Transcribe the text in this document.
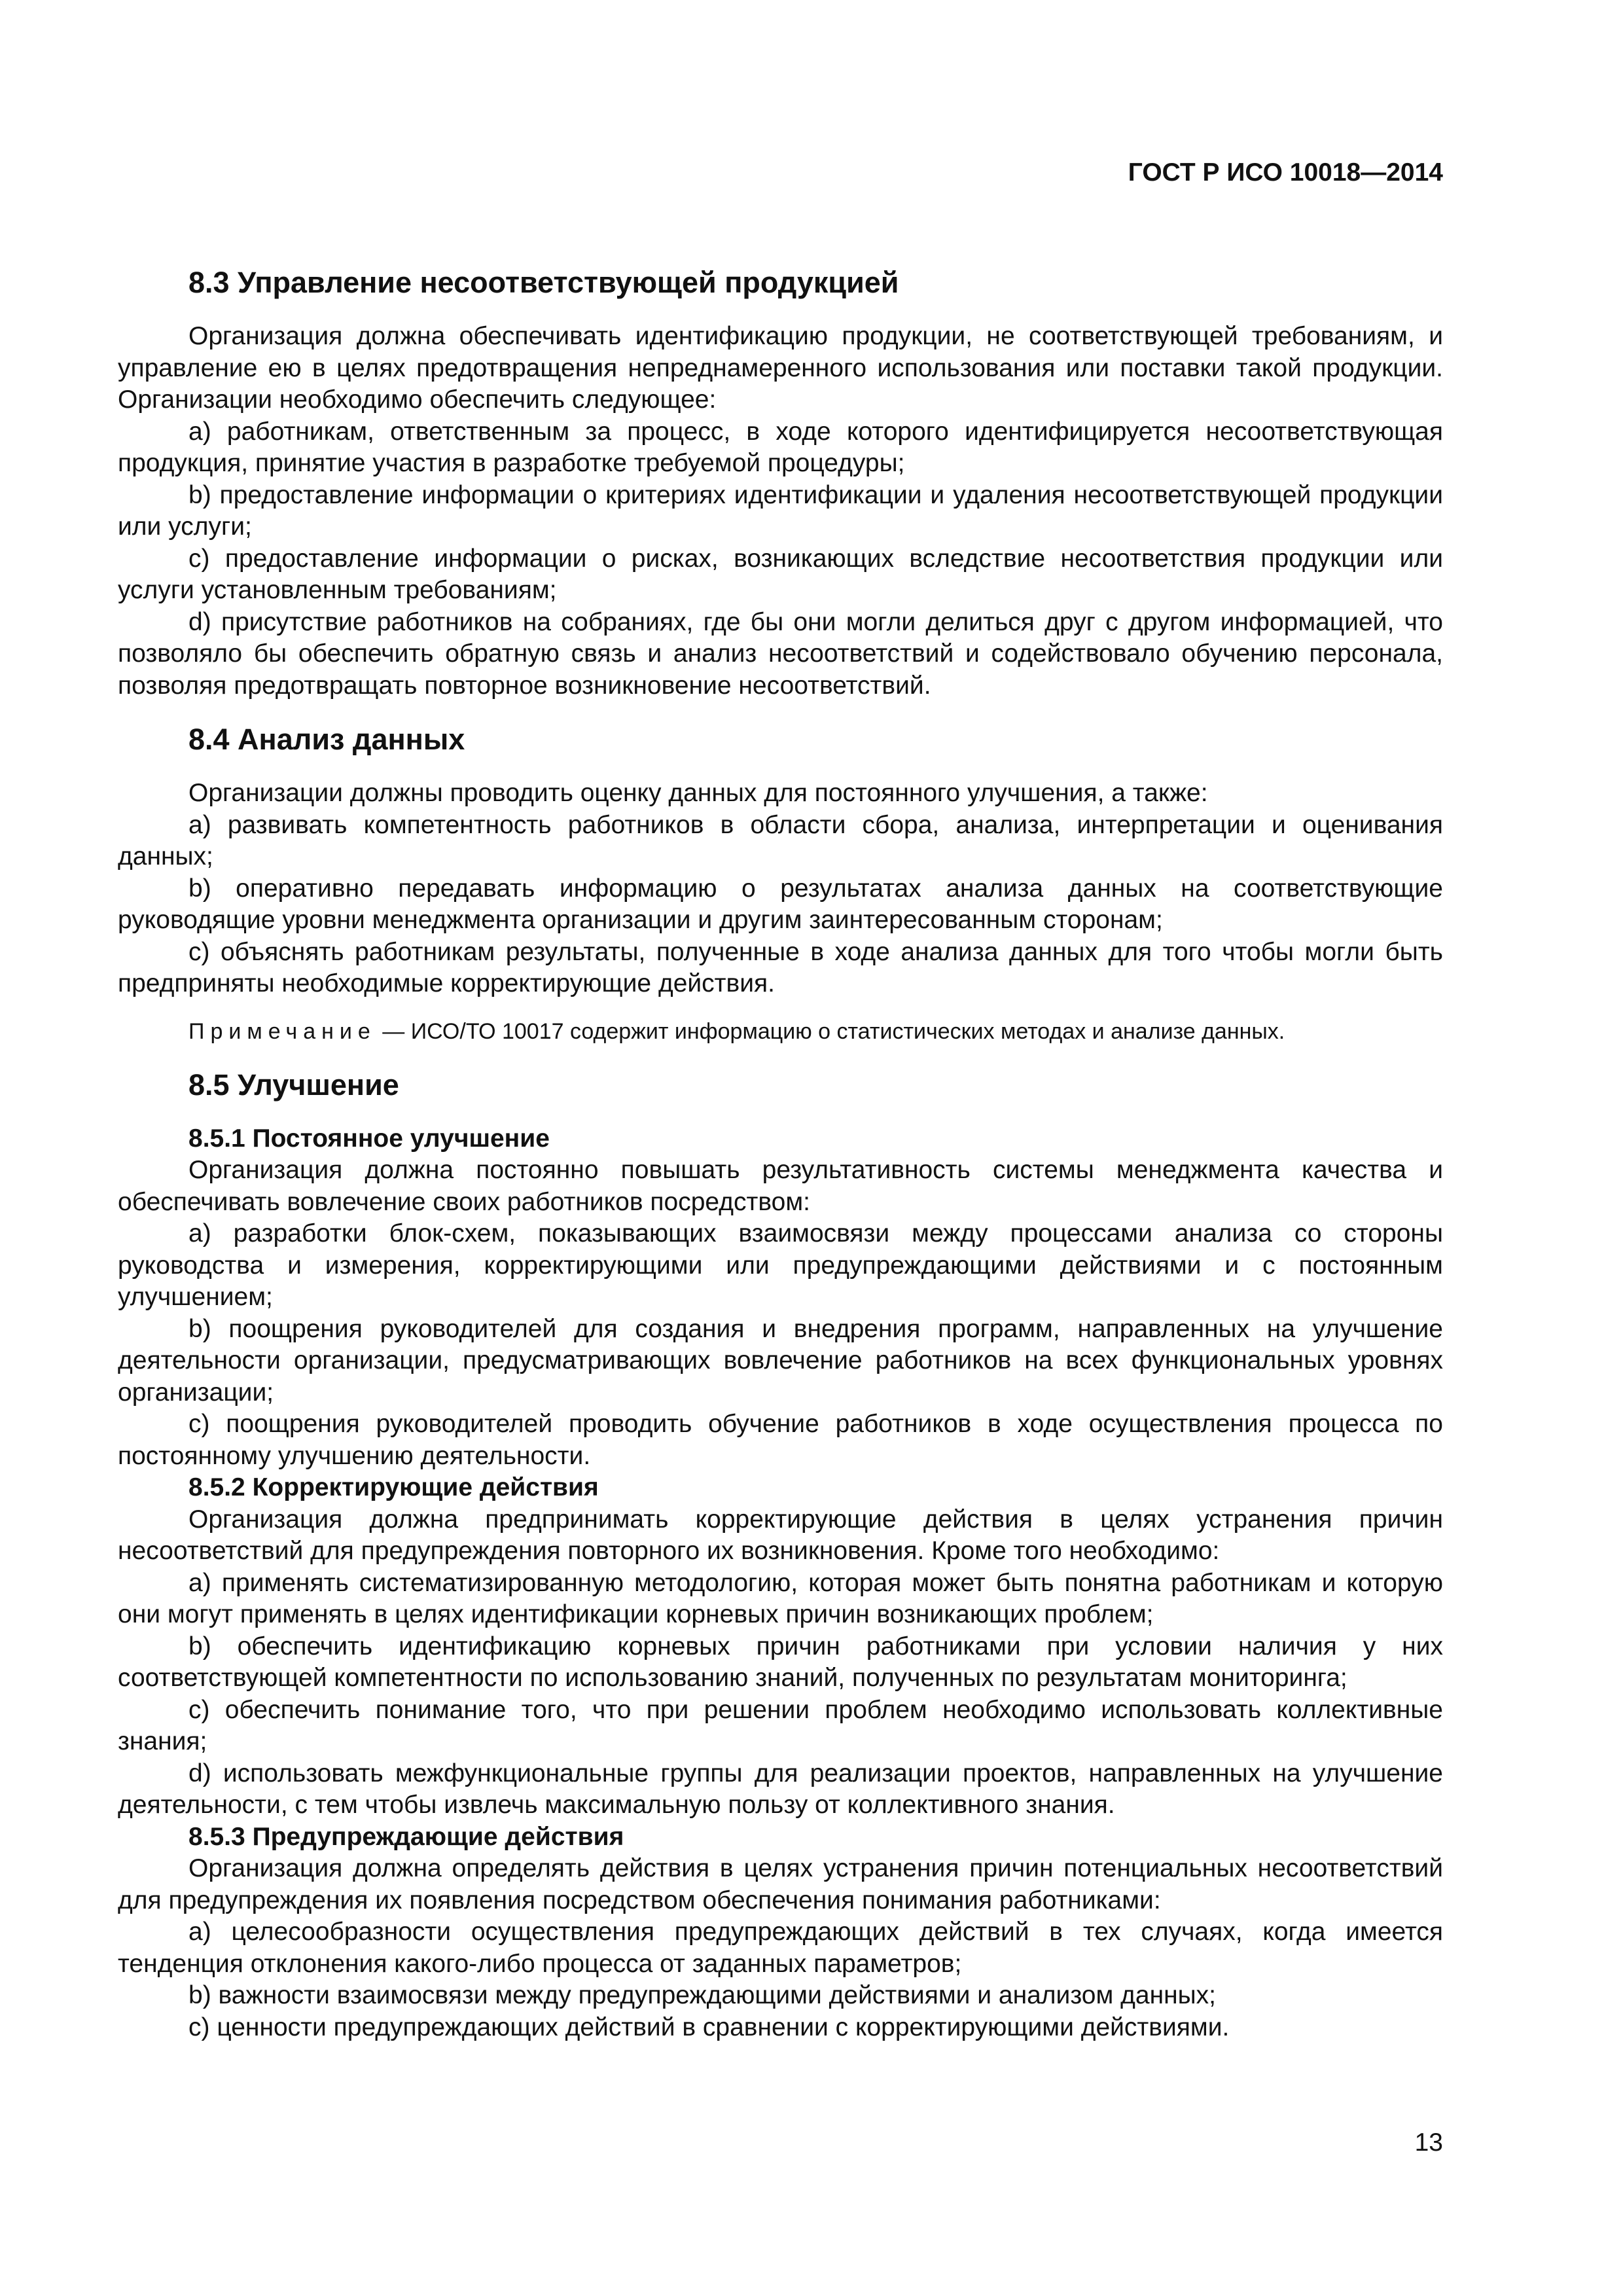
ГОСТ Р ИСО 10018—2014
8.3 Управление несоответствующей продукцией

Организация должна обеспечивать идентификацию продукции, не соответствующей требованиям, и управление ею в целях предотвращения непреднамеренного использования или поставки такой продукции. Организации необходимо обеспечить следующее:

а) работникам, ответственным за процесс, в ходе которого идентифицируется несоответствующая продукция, принятие участия в разработке требуемой процедуры;

b) предоставление информации о критериях идентификации и удаления несоответствующей продукции или услуги;

c) предоставление информации о рисках, возникающих вследствие несоответствия продукции или услуги установленным требованиям;

d) присутствие работников на собраниях, где бы они могли делиться друг с другом информацией, что позволяло бы обеспечить обратную связь и анализ несоответствий и содействовало обучению персонала, позволяя предотвращать повторное возникновение несоответствий.

8.4 Анализ данных

Организации должны проводить оценку данных для постоянного улучшения, а также:

а) развивать компетентность работников в области сбора, анализа, интерпретации и оценивания данных;

b) оперативно передавать информацию о результатах анализа данных на соответствующие руководящие уровни менеджмента организации и другим заинтересованным сторонам;

c) объяснять работникам результаты, полученные в ходе анализа данных для того чтобы могли быть предприняты необходимые корректирующие действия.

Примечание — ИСО/ТО 10017 содержит информацию о статистических методах и анализе данных.
8.5 Улучшение
8.5.1 Постоянное улучшение

Организация должна постоянно повышать результативность системы менеджмента качества и обеспечивать вовлечение своих работников посредством:

а) разработки блок-схем, показывающих взаимосвязи между процессами анализа со стороны руководства и измерения, корректирующими или предупреждающими действиями и с постоянным улучшением;

b) поощрения руководителей для создания и внедрения программ, направленных на улучшение деятельности организации, предусматривающих вовлечение работников на всех функциональных уровнях организации;

c) поощрения руководителей проводить обучение работников в ходе осуществления процесса по постоянному улучшению деятельности.

8.5.2 Корректирующие действия

Организация должна предпринимать корректирующие действия в целях устранения причин несоответствий для предупреждения повторного их возникновения. Кроме того необходимо:

а) применять систематизированную методологию, которая может быть понятна работникам и которую они могут применять в целях идентификации корневых причин возникающих проблем;

b) обеспечить идентификацию корневых причин работниками при условии наличия у них соответствующей компетентности по использованию знаний, полученных по результатам мониторинга;

c) обеспечить понимание того, что при решении проблем необходимо использовать коллективные знания;

d) использовать межфункциональные группы для реализации проектов, направленных на улучшение деятельности, с тем чтобы извлечь максимальную пользу от коллективного знания.

8.5.3 Предупреждающие действия

Организация должна определять действия в целях устранения причин потенциальных несоответствий для предупреждения их появления посредством обеспечения понимания работниками:

а) целесообразности осуществления предупреждающих действий в тех случаях, когда имеется тенденция отклонения какого-либо процесса от заданных параметров;

b) важности взаимосвязи между предупреждающими действиями и анализом данных;

c) ценности предупреждающих действий в сравнении с корректирующими действиями.

13
